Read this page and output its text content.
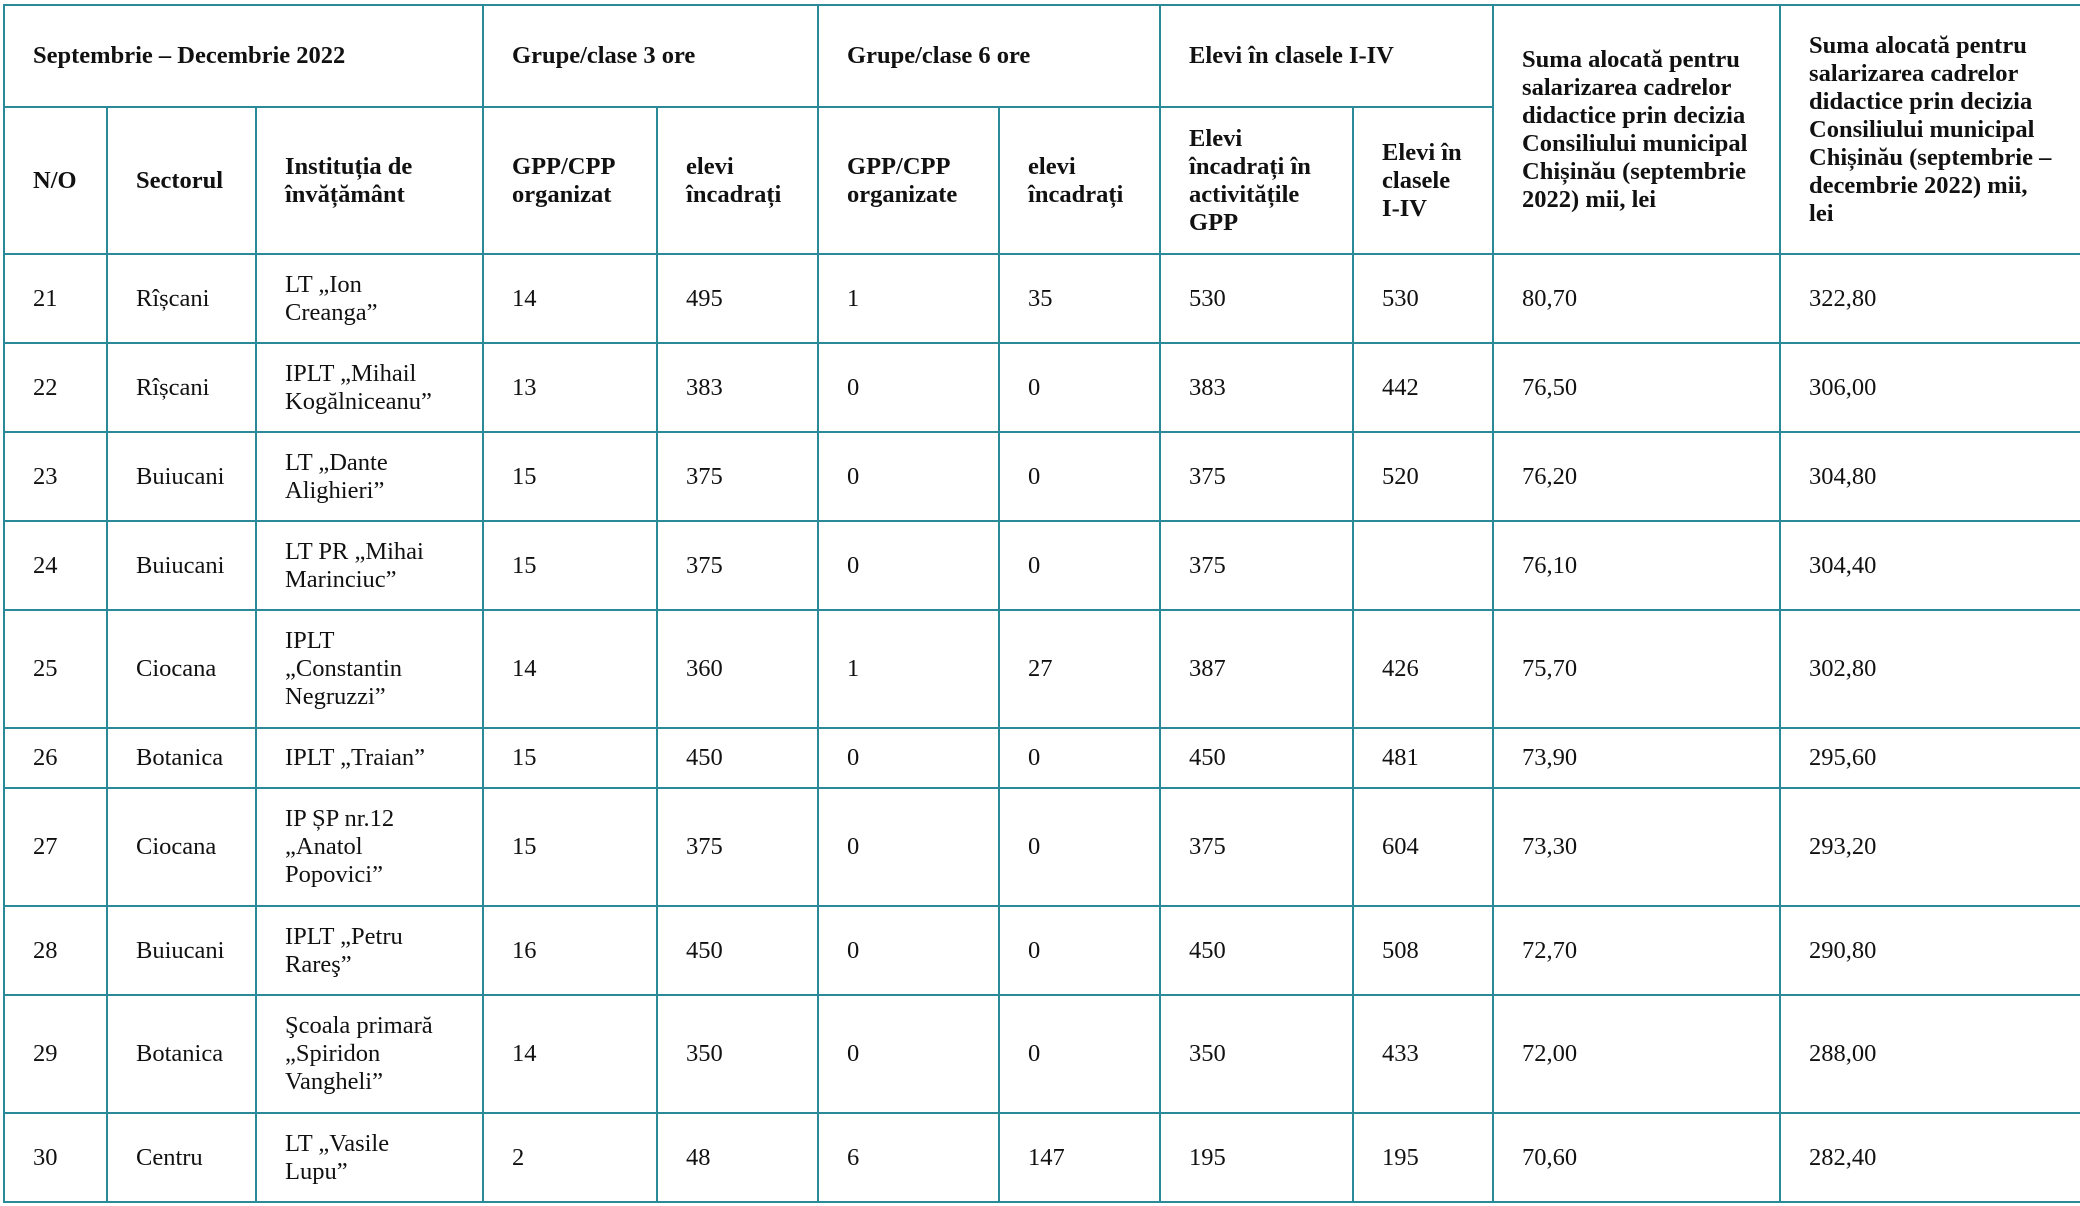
Septembrie – Decembrie 2022			Grupe/clase 3 ore		Grupe/clase 6 ore		Elevi în clasele I-IV		Suma alocată pentru salarizarea cadrelor didactice prin decizia Consiliului municipal Chișinău (septembrie 2022) mii, lei	Suma alocată pentru salarizarea cadrelor didactice prin decizia Consiliului municipal Chișinău (septembrie – decembrie 2022) mii, lei
N/O	Sectorul	Instituția de învățământ	GPP/CPP organizat	elevi încadrați	GPP/CPP organizate	elevi încadrați	Elevi încadrați în activitățile GPP	Elevi în clasele I-IV		
21	Rîșcani	LT „Ion Creanga”	14	495	1	35	530	530	80,70	322,80
22	Rîșcani	IPLT „Mihail Kogălniceanu”	13	383	0	0	383	442	76,50	306,00
23	Buiucani	LT „Dante Alighieri”	15	375	0	0	375	520	76,20	304,80
24	Buiucani	LT PR „Mihai Marinciuc”	15	375	0	0	375		76,10	304,40
25	Ciocana	IPLT „Constantin Negruzzi”	14	360	1	27	387	426	75,70	302,80
26	Botanica	IPLT „Traian”	15	450	0	0	450	481	73,90	295,60
27	Ciocana	IP ȘP nr.12 „Anatol Popovici”	15	375	0	0	375	604	73,30	293,20
28	Buiucani	IPLT „Petru Rareş”	16	450	0	0	450	508	72,70	290,80
29	Botanica	Şcoala primară „Spiridon Vangheli”	14	350	0	0	350	433	72,00	288,00
30	Centru	LT „Vasile Lupu”	2	48	6	147	195	195	70,60	282,40
